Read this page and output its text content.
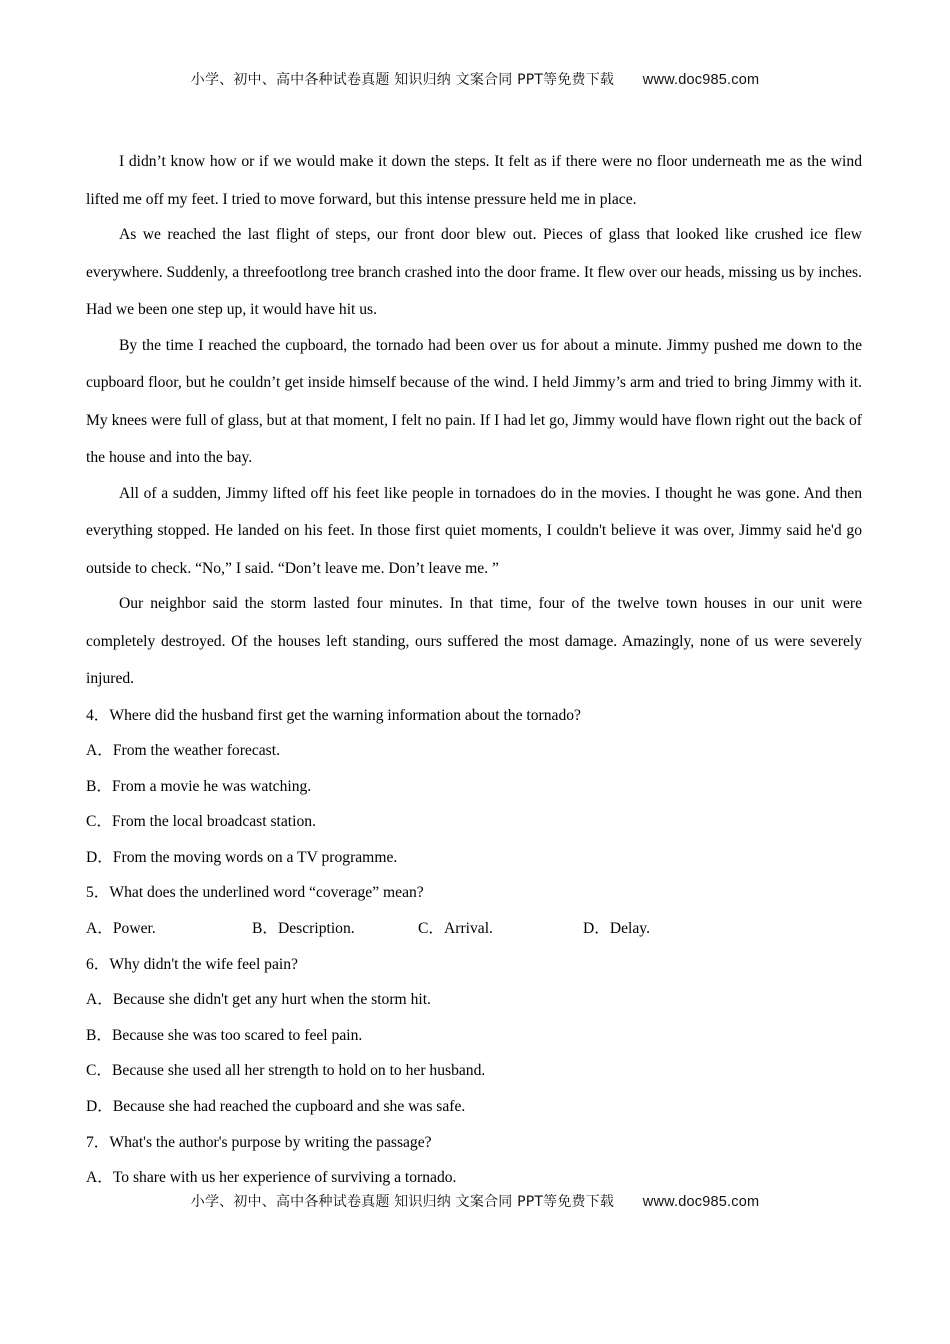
小学、初中、高中各种试卷真题 知识归纳 文案合同 PPT等免费下载 www.doc985.com

I didn’t know how or if we would make it down the steps. It felt as if there were no floor underneath me as the wind lifted me off my feet. I tried to move forward, but this intense pressure held me in place.

As we reached the last flight of steps, our front door blew out. Pieces of glass that looked like crushed ice flew everywhere. Suddenly, a threefootlong tree branch crashed into the door frame. It flew over our heads, missing us by inches. Had we been one step up, it would have hit us.

By the time I reached the cupboard, the tornado had been over us for about a minute. Jimmy pushed me down to the cupboard floor, but he couldn’t get inside himself because of the wind. I held Jimmy’s arm and tried to bring Jimmy with it. My knees were full of glass, but at that moment, I felt no pain. If I had let go, Jimmy would have flown right out the back of the house and into the bay.

All of a sudden, Jimmy lifted off his feet like people in tornadoes do in the movies. I thought he was gone. And then everything stopped. He landed on his feet. In those first quiet moments, I couldn't believe it was over, Jimmy said he'd go outside to check. “No,” I said. “Don’t leave me. Don’t leave me. ”

Our neighbor said the storm lasted four minutes. In that time, four of the twelve town houses in our unit were completely destroyed. Of the houses left standing, ours suffered the most damage. Amazingly, none of us were severely injured.

4．Where did the husband first get the warning information about the tornado?

A．From the weather forecast.

B．From a movie he was watching.

C．From the local broadcast station.

D．From the moving words on a TV programme.

5．What does the underlined word “coverage” mean?

A．Power.	B．Description.	C．Arrival.	D．Delay.

6．Why didn't the wife feel pain?

A．Because she didn't get any hurt when the storm hit.

B．Because she was too scared to feel pain.

C．Because she used all her strength to hold on to her husband.

D．Because she had reached the cupboard and she was safe.

7．What's the author's purpose by writing the passage?

A．To share with us her experience of surviving a tornado.

小学、初中、高中各种试卷真题 知识归纳 文案合同 PPT等免费下载 www.doc985.com
